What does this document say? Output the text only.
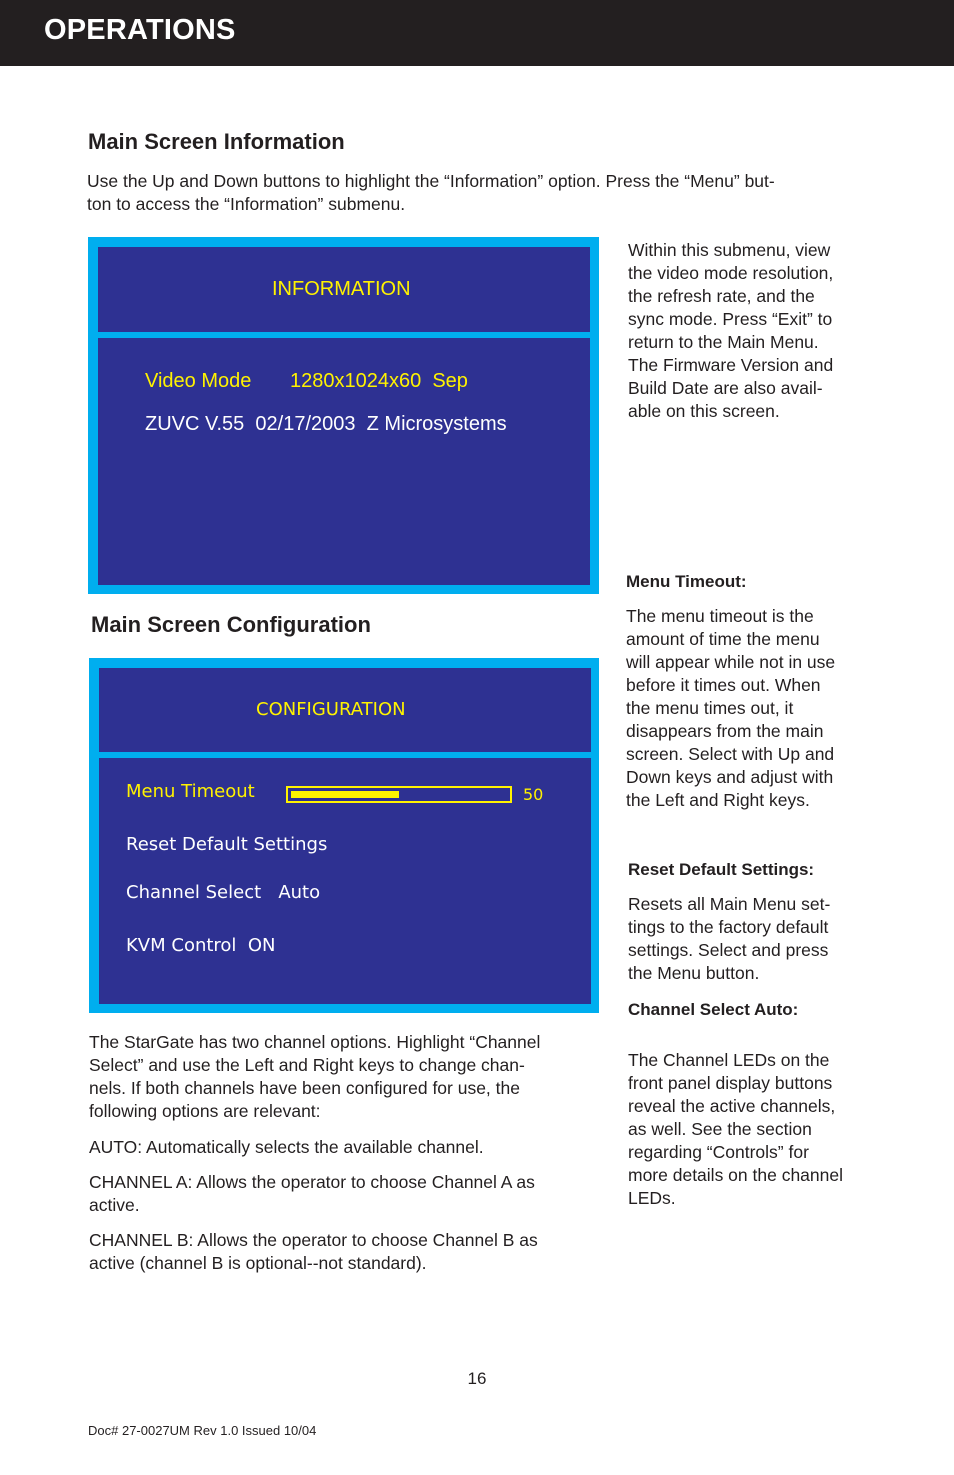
OPERATIONS
Main Screen Information

Use the Up and Down buttons to highlight the “Information” option. Press the “Menu” but-

ton to access the “Information” submenu.

INFORMATION
Video Mode 1280x1024x60  Sep
ZUVC V.55  02/17/2003  Z Microsystems

Within this submenu, view

the video mode resolution,

the refresh rate, and the

sync mode. Press “Exit” to

return to the Main Menu.

The Firmware Version and

Build Date are also avail-

able on this screen.

Menu Timeout:

The menu timeout is the

amount of time the menu

will appear while not in use

before it times out. When

the menu times out, it

disappears from the main

screen. Select with Up and

Down keys and adjust with

the Left and Right keys.

Main Screen Configuration
CONFIGURATION
Menu Timeout	50
Reset Default Settings
Channel Select   Auto
KVM Control  ON
Reset Default Settings:

Resets all Main Menu set-

tings to the factory default

settings. Select and press

the Menu button.

Channel Select Auto:

The Channel LEDs on the

front panel display buttons

reveal the active channels,

as well. See the section

regarding “Controls” for

more details on the channel

LEDs.

The StarGate has two channel options. Highlight “Channel

Select” and use the Left and Right keys to change chan-

nels. If both channels have been configured for use, the

following options are relevant:

AUTO: Automatically selects the available channel.

CHANNEL A: Allows the operator to choose Channel A as

active.

CHANNEL B: Allows the operator to choose Channel B as

active (channel B is optional--not standard).

16
Doc# 27-0027UM Rev 1.0 Issued 10/04
